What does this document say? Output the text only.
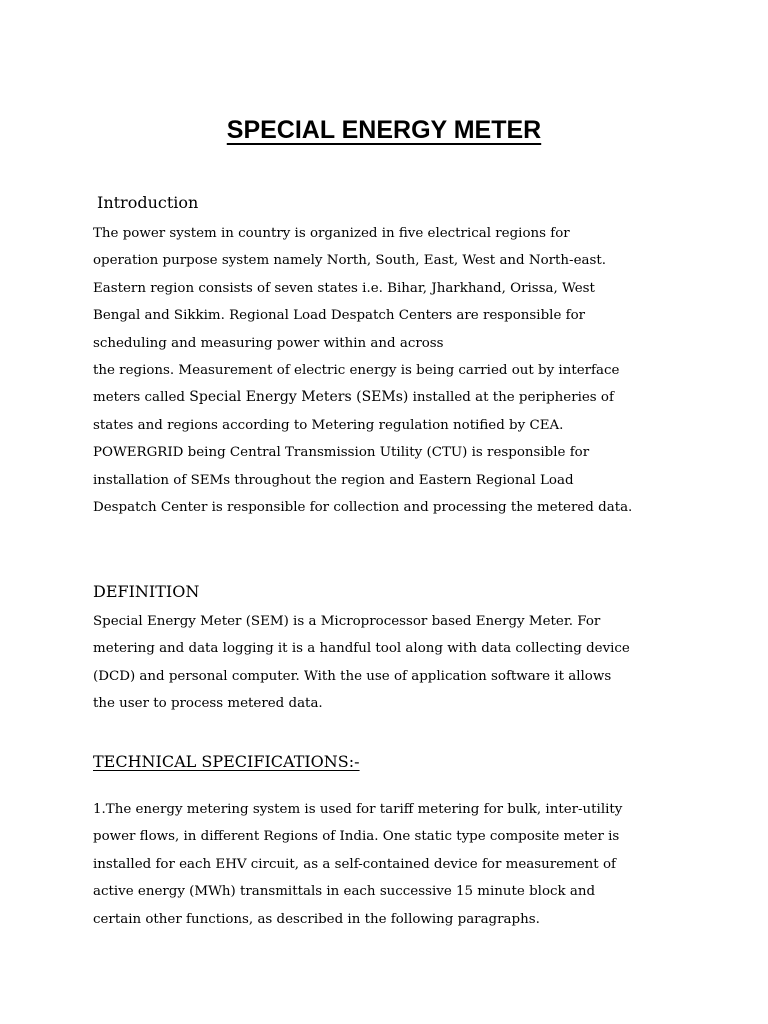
SPECIAL ENERGY METER
Introduction
The power system in country is organized in five electrical regions for
operation purpose system namely North, South, East, West and North-east.
Eastern region consists of seven states i.e. Bihar, Jharkhand, Orissa, West
Bengal and Sikkim. Regional Load Despatch Centers are responsible for
scheduling and measuring power within and across
the regions. Measurement of electric energy is being carried out by interface
meters called Special Energy Meters (SEMs) installed at the peripheries of
states and regions according to Metering regulation notified by CEA.
POWERGRID being Central Transmission Utility (CTU) is responsible for
installation of SEMs throughout the region and Eastern Regional Load
Despatch Center is responsible for collection and processing the metered data.
DEFINITION
Special Energy Meter (SEM) is a Microprocessor based Energy Meter. For
metering and data logging it is a handful tool along with data collecting device
(DCD) and personal computer. With the use of application software it allows
the user to process metered data.
TECHNICAL SPECIFICATIONS:-
1.The energy metering system is used for tariff metering for bulk, inter-utility
power flows, in different Regions of India. One static type composite meter is
installed for each EHV circuit, as a self-contained device for measurement of
active energy (MWh) transmittals in each successive 15 minute block and
certain other functions, as described in the following paragraphs.
